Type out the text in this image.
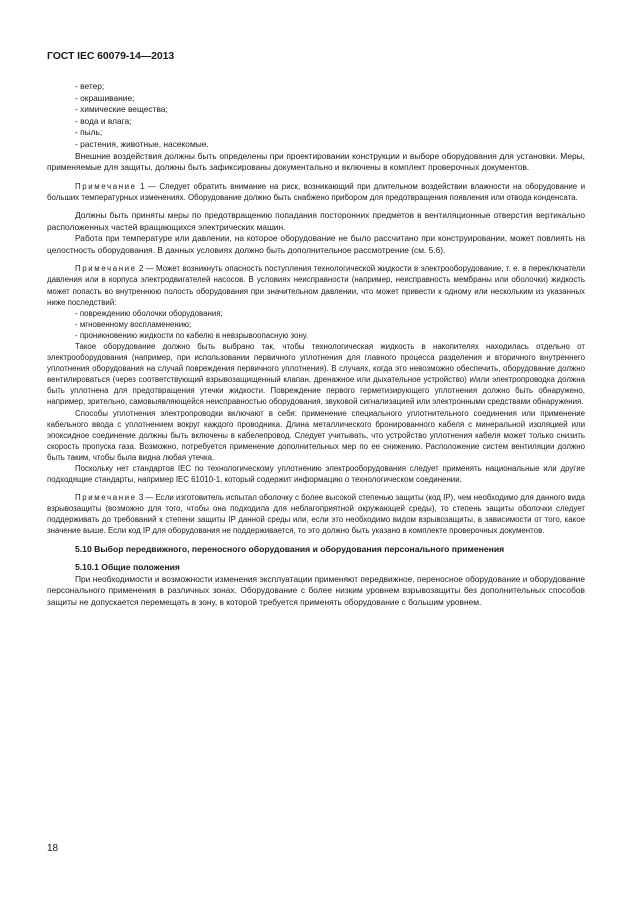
ГОСТ IEC 60079-14—2013

- ветер;

- окрашивание;

- химические вещества;

- вода и влага;

- пыль;

- растения, животные, насекомые.

Внешние воздействия должны быть определены при проектировании конструкции и выборе оборудования для установки. Меры, применяемые для защиты, должны быть зафиксированы документально и включены в комплект проверочных документов.

Примечание 1 — Следует обратить внимание на риск, возникающий при длительном воздействии влажности на оборудование и больших температурных изменениях. Оборудование должно быть снабжено прибором для предотвращения появления или отвода конденсата.

Должны быть приняты меры по предотвращению попадания посторонних предметов в вентиляционные отверстия вертикально расположенных частей вращающихся электрических машин.

Работа при температуре или давлении, на которое оборудование не было рассчитано при конструировании, может повлиять на целостность оборудования. В данных условиях должно быть дополнительное рассмотрение (см. 5.6).

Примечание 2 — Может возникнуть опасность поступления технологической жидкости в электрооборудование, т. е. в переключатели давления или в корпуса электродвигателей насосов. В условиях неисправности (например, неисправность мембраны или оболочки) жидкость может попасть во внутреннюю полость оборудования при значительном давлении, что может привести к одному или нескольким из указанных ниже последствий:

- повреждению оболочки оборудования;

- мгновенному воспламенению;

- проникновению жидкости по кабелю в невзрывоопасную зону.

Такое оборудование должно быть выбрано так, чтобы технологическая жидкость в накопителях находилась отдельно от электрооборудования (например, при использовании первичного уплотнения для главного процесса разделения и вторичного внутреннего уплотнения оборудования на случай повреждения первичного уплотнения). В случаях, когда это невозможно обеспечить, оборудование должно вентилироваться (через соответствующий взрывозащищенный клапан, дренажное или дыхательное устройство) и/или электропроводка должна быть уплотнена для предотвращения утечки жидкости. Повреждение первого герметизирующего уплотнения должно быть обнаружено, например, зрительно, самовыявляющейся неисправностью оборудования, звуковой сигнализацией или электронными средствами обнаружения.

Способы уплотнения электропроводки включают в себя: применение специального уплотнительного соединения или применение кабельного ввода с уплотнением вокруг каждого проводника. Длина металлического бронированного кабеля с минеральной изоляцией или эпоксидное соединение должны быть включены в кабелепровод. Следует учитывать, что устройство уплотнения кабеля может только снизить скорость пропуска газа. Возможно, потребуется применение дополнительных мер по ее снижению. Расположение систем вентиляции должно быть таким, чтобы была видна любая утечка.

Поскольку нет стандартов IEC по технологическому уплотнению электрооборудования следует применять национальные или другие подходящие стандарты, например IEC 61010-1, который содержит информацию о технологическом соединении.

Примечание 3 — Если изготовитель испытал оболочку с более высокой степенью защиты (код IP), чем необходимо для данного вида взрывозащиты (возможно для того, чтобы она подходила для неблагоприятной окружающей среды), то степень защиты оболочки следует поддерживать до требований к степени защиты IP данной среды или, если это необходимо видом взрывозащиты, в зависимости от того, какое значение выше. Если код IP для оборудования не поддерживается, то это должно быть указано в комплекте проверочных документов.

5.10 Выбор передвижного, переносного оборудования и оборудования персонального применения

5.10.1 Общие положения

При необходимости и возможности изменения эксплуатации применяют передвижное, переносное оборудование и оборудование персонального применения в различных зонах. Оборудование с более низким уровнем взрывозащиты без дополнительных способов защиты не допускается перемещать в зону, в которой требуется применять оборудование с большим уровнем.

18
